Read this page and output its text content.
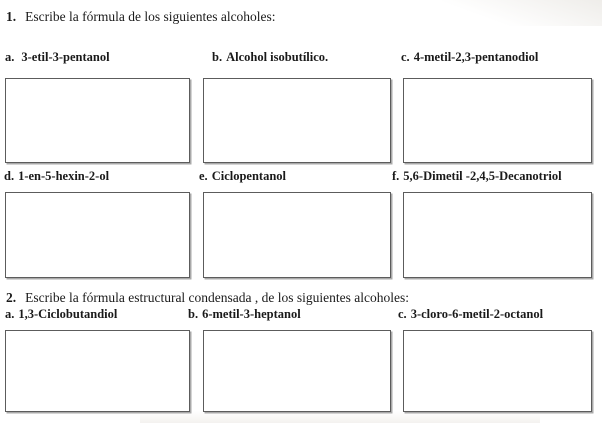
1. Escribe la fórmula de los siguientes alcoholes:
a. 3-etil-3-pentanol	b. Alcohol isobutílico.	c. 4-metil-2,3-pentanodiol
d. 1-en-5-hexin-2-ol	e. Ciclopentanol	f. 5,6-Dimetil -2,4,5-Decanotriol
2. Escribe la fórmula estructural condensada , de los siguientes alcoholes:
a. 1,3-Ciclobutandiol	b. 6-metil-3-heptanol	c. 3-cloro-6-metil-2-octanol
